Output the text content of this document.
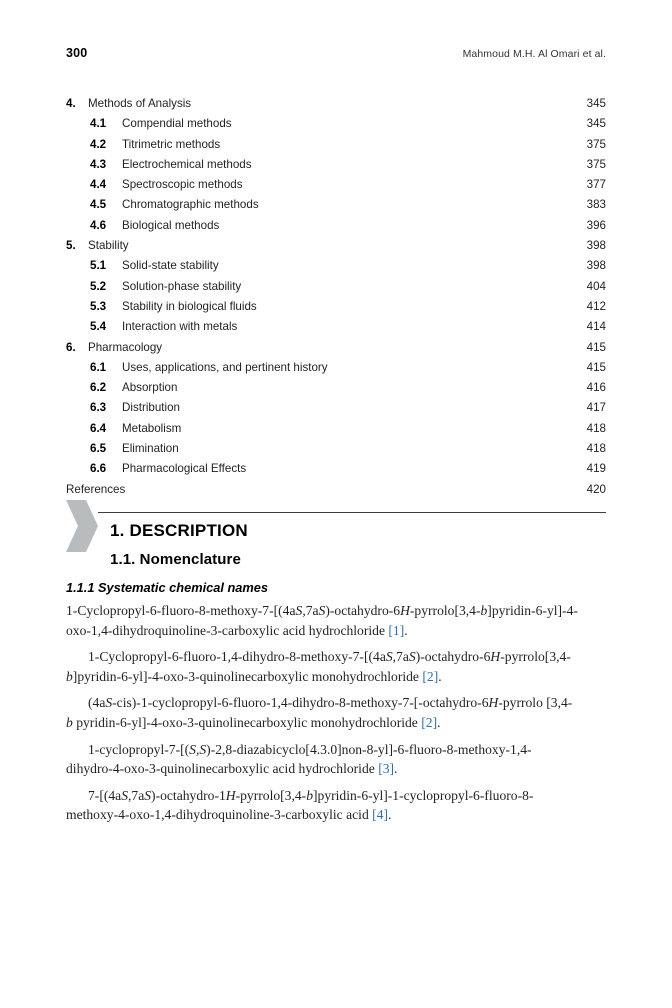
300	Mahmoud M.H. Al Omari et al.
4. Methods of Analysis	345
4.1 Compendial methods	345
4.2 Titrimetric methods	375
4.3 Electrochemical methods	375
4.4 Spectroscopic methods	377
4.5 Chromatographic methods	383
4.6 Biological methods	396
5. Stability	398
5.1 Solid-state stability	398
5.2 Solution-phase stability	404
5.3 Stability in biological fluids	412
5.4 Interaction with metals	414
6. Pharmacology	415
6.1 Uses, applications, and pertinent history	415
6.2 Absorption	416
6.3 Distribution	417
6.4 Metabolism	418
6.5 Elimination	418
6.6 Pharmacological Effects	419
References	420
1. DESCRIPTION
1.1. Nomenclature
1.1.1 Systematic chemical names

1-Cyclopropyl-6-fluoro-8-methoxy-7-[(4aS,7aS)-octahydro-6H-pyrrolo[3,4-b]pyridin-6-yl]-4-oxo-1,4-dihydroquinoline-3-carboxylic acid hydrochloride [1].

1-Cyclopropyl-6-fluoro-1,4-dihydro-8-methoxy-7-[(4aS,7aS)-octahydro-6H-pyrrolo[3,4-b]pyridin-6-yl]-4-oxo-3-quinolinecarboxylic monohydrochloride [2].

(4aS-cis)-1-cyclopropyl-6-fluoro-1,4-dihydro-8-methoxy-7-[-octahydro-6H-pyrrolo [3,4-b pyridin-6-yl]-4-oxo-3-quinolinecarboxylic monohydrochloride [2].

1-cyclopropyl-7-[(S,S)-2,8-diazabicyclo[4.3.0]non-8-yl]-6-fluoro-8-methoxy-1,4-dihydro-4-oxo-3-quinolinecarboxylic acid hydrochloride [3].

7-[(4aS,7aS)-octahydro-1H-pyrrolo[3,4-b]pyridin-6-yl]-1-cyclopropyl-6-fluoro-8-methoxy-4-oxo-1,4-dihydroquinoline-3-carboxylic acid [4].
